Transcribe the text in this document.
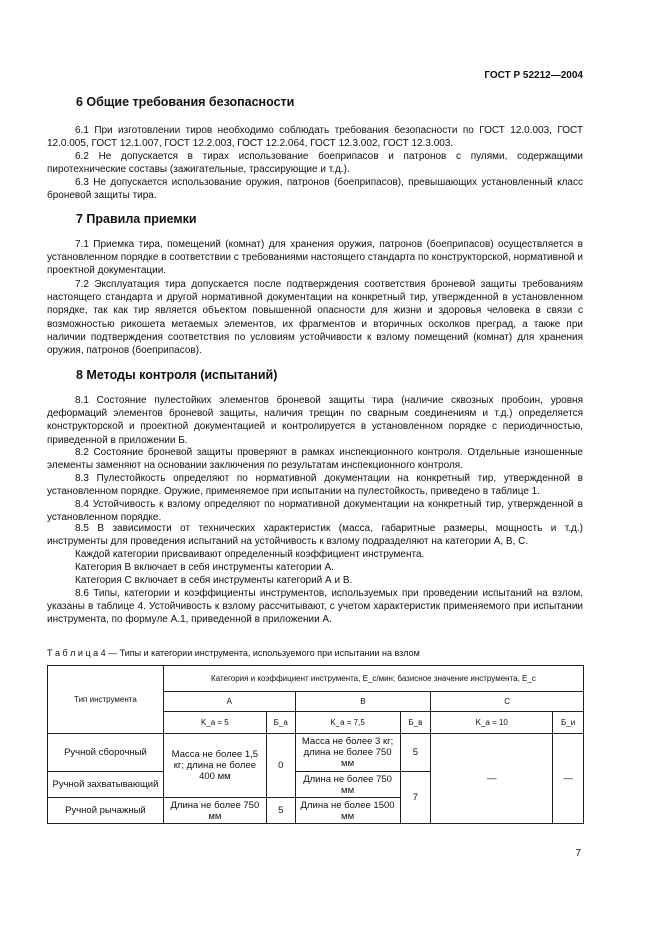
ГОСТ Р 52212—2004
6 Общие требования безопасности

6.1 При изготовлении тиров необходимо соблюдать требования безопасности по ГОСТ 12.0.003, ГОСТ 12.0.005, ГОСТ 12.1.007, ГОСТ 12.2.003, ГОСТ 12.2.064, ГОСТ 12.3.002, ГОСТ 12.3.003.

6.2 Не допускается в тирах использование боеприпасов и патронов с пулями, содержащими пиротехнические составы (зажигательные, трассирующие и т.д.).

6.3 Не допускается использование оружия, патронов (боеприпасов), превышающих установленный класс броневой защиты тира.

7 Правила приемки

7.1 Приемка тира, помещений (комнат) для хранения оружия, патронов (боеприпасов) осуществляется в установленном порядке в соответствии с требованиями настоящего стандарта по конструкторской, нормативной и проектной документации.

7.2 Эксплуатация тира допускается после подтверждения соответствия броневой защиты требованиям настоящего стандарта и другой нормативной документации на конкретный тир, утвержденной в установленном порядке, так как тир является объектом повышенной опасности для жизни и здоровья человека в связи с возможностью рикошета метаемых элементов, их фрагментов и вторичных осколков преград, а также при наличии подтверждения соответствия по условиям устойчивости к взлому помещений (комнат) для хранения оружия, патронов (боеприпасов).

8 Методы контроля (испытаний)

8.1 Состояние пулестойких элементов броневой защиты тира (наличие сквозных пробоин, уровня деформаций элементов броневой защиты, наличия трещин по сварным соединениям и т.д.) определяется конструкторской и проектной документацией и контролируется в установленном порядке с периодичностью, приведенной в приложении Б.

8.2 Состояние броневой защиты проверяют в рамках инспекционного контроля. Отдельные изношенные элементы заменяют на основании заключения по результатам инспекционного контроля.

8.3 Пулестойкость определяют по нормативной документации на конкретный тир, утвержденной в установленном порядке. Оружие, применяемое при испытании на пулестойкость, приведено в таблице 1.

8.4 Устойчивость к взлому определяют по нормативной документации на конкретный тир, утвержденной в установленном порядке.

8.5 В зависимости от технических характеристик (масса, габаритные размеры, мощность и т.д.) инструменты для проведения испытаний на устойчивость к взлому подразделяют на категории А, В, С.

Каждой категории присваивают определенный коэффициент инструмента.

Категория В включает в себя инструменты категории А.

Категория С включает в себя инструменты категорий А и В.

8.6 Типы, категории и коэффициенты инструментов, используемых при проведении испытаний на взлом, указаны в таблице 4. Устойчивость к взлому рассчитывают, с учетом характеристик применяемого при испытании инструмента, по формуле А.1, приведенной в приложении А.

Т а б л и ц а 4 — Типы и категории инструмента, используемого при испытании на взлом
Тип инструмента	Категория и коэффициент инструмента, E_c/мин; базисное значение инструмента, E_c					
	А		В		С	
	K_а = 5	Б_а	K_а = 7,5	Б_в	K_а = 10	Б_и
Ручной сборочный	Масса не более 1,5 кг; длина не более 400 мм	0	Масса не более 3 кг; длина не более 750 мм	5	—	—
Ручной захватывающий			Длина не более 750 мм	7		
Ручной рычажный	Длина не более 750 мм	5	Длина не более 1500 мм			
7
